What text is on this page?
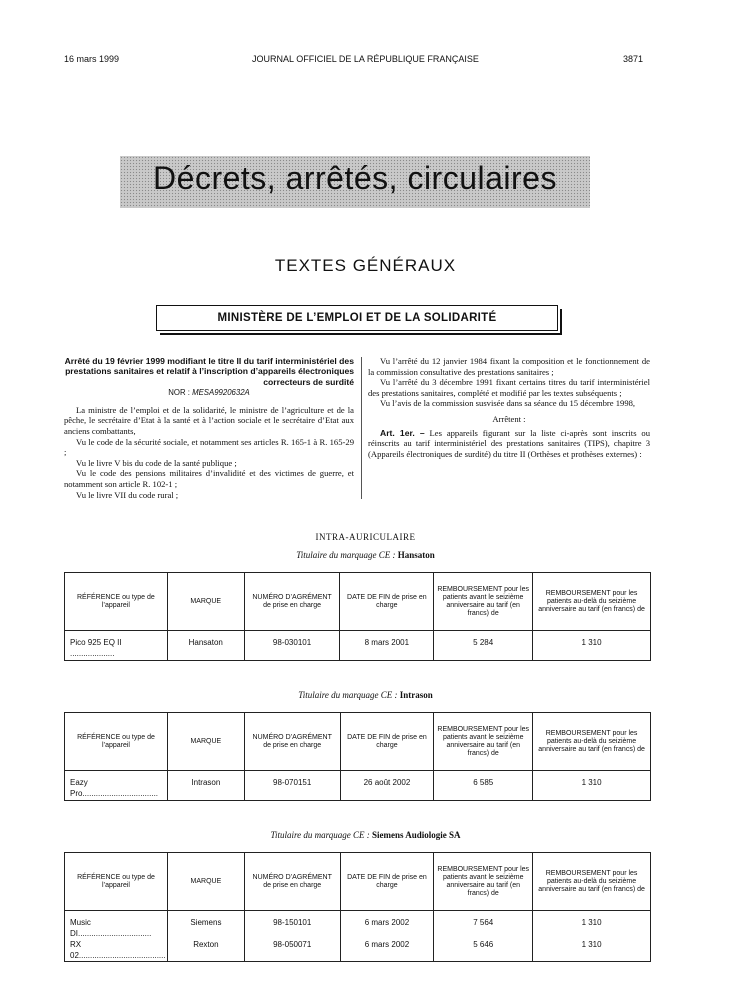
16 mars 1999	JOURNAL OFFICIEL DE LA RÉPUBLIQUE FRANÇAISE	3871
Décrets, arrêtés, circulaires
TEXTES GÉNÉRAUX
MINISTÈRE DE L’EMPLOI ET DE LA SOLIDARITÉ
Arrêté du 19 février 1999 modifiant le titre II du tarif interministériel des prestations sanitaires et relatif à l’inscription d’appareils électroniques correcteurs de surdité
NOR : MESA9920632A
La ministre de l’emploi et de la solidarité, le ministre de l’agriculture et de la pêche, le secrétaire d’Etat à la santé et à l’action sociale et le secrétaire d’Etat aux anciens combattants,
Vu le code de la sécurité sociale, et notamment ses articles R. 165-1 à R. 165-29 ;
Vu le livre V bis du code de la santé publique ;
Vu le code des pensions militaires d’invalidité et des victimes de guerre, et notamment son article R. 102-1 ;
Vu le livre VII du code rural ;
Vu l’arrêté du 12 janvier 1984 fixant la composition et le fonctionnement de la commission consultative des prestations sanitaires ;
Vu l’arrêté du 3 décembre 1991 fixant certains titres du tarif interministériel des prestations sanitaires, complété et modifié par les textes subséquents ;
Vu l’avis de la commission susvisée dans sa séance du 15 décembre 1998,
Arrêtent :
Art. 1er. – Les appareils figurant sur la liste ci-après sont inscrits ou réinscrits au tarif interministériel des prestations sanitaires (TIPS), chapitre 3 (Appareils électroniques de surdité) du titre II (Orthèses et prothèses externes) :
INTRA-AURICULAIRE
Titulaire du marquage CE : Hansaton
RÉFÉRENCE ou type de l’appareil	MARQUE	NUMÉRO D’AGRÉMENT de prise en charge	DATE DE FIN de prise en charge	REMBOURSEMENT pour les patients avant le seizième anniversaire au tarif (en francs) de	REMBOURSEMENT pour les patients au-delà du seizième anniversaire au tarif (en francs) de
Pico 925 EQ II ....................	Hansaton	98-030101	8 mars 2001	5 284	1 310
Titulaire du marquage CE : Intrason
RÉFÉRENCE ou type de l’appareil	MARQUE	NUMÉRO D’AGRÉMENT de prise en charge	DATE DE FIN de prise en charge	REMBOURSEMENT pour les patients avant le seizième anniversaire au tarif (en francs) de	REMBOURSEMENT pour les patients au-delà du seizième anniversaire au tarif (en francs) de
Eazy Pro..................................	Intrason	98-070151	26 août 2002	6 585	1 310
Titulaire du marquage CE : Siemens Audiologie SA
RÉFÉRENCE ou type de l’appareil	MARQUE	NUMÉRO D’AGRÉMENT de prise en charge	DATE DE FIN de prise en charge	REMBOURSEMENT pour les patients avant le seizième anniversaire au tarif (en francs) de	REMBOURSEMENT pour les patients au-delà du seizième anniversaire au tarif (en francs) de
Music DI.................................	Siemens	98-150101	6 mars 2002	7 564	1 310
RX 02.......................................	Rexton	98-050071	6 mars 2002	5 646	1 310
